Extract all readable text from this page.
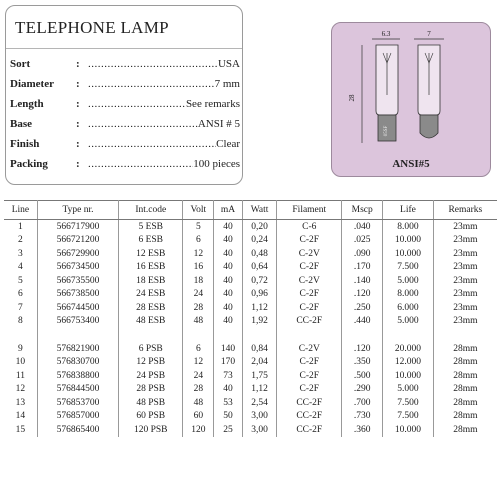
TELEPHONE LAMP
Sort	: .....	USA
Diameter : .....	7 mm
Length	: .....	See remarks
Base	: .....	ANSI # 5
Finish	: .....	Clear
Packing	: .....	100 pieces
6.3	7
28
05SF
ANSI#5
Line	Type nr.	Int.code	Volt	mA	Watt	Filament	Mscp	Life	Remarks
1	566717900	5 ESB	5	40	0,20	C-6	.040	8.000	23mm
2	566721200	6 ESB	6	40	0,24	C-2F	.025	10.000	23mm
3	566729900	12 ESB	12	40	0,48	C-2V	.090	10.000	23mm
4	566734500	16 ESB	16	40	0,64	C-2F	.170	7.500	23mm
5	566735500	18 ESB	18	40	0,72	C-2V	.140	5.000	23mm
6	566738500	24 ESB	24	40	0,96	C-2F	.120	8.000	23mm
7	566744500	28 ESB	28	40	1,12	C-2F	.250	6.000	23mm
8	566753400	48 ESB	48	40	1,92	CC-2F	.440	5.000	23mm

9	576821900	6 PSB	6	140	0,84	C-2V	.120	20.000	28mm
10	576830700	12 PSB	12	170	2,04	C-2F	.350	12.000	28mm
11	576838800	24 PSB	24	73	1,75	C-2F	.500	10.000	28mm
12	576844500	28 PSB	28	40	1,12	C-2F	.290	5.000	28mm
13	576853700	48 PSB	48	53	2,54	CC-2F	.700	7.500	28mm
14	576857000	60 PSB	60	50	3,00	CC-2F	.730	7.500	28mm
15	576865400	120 PSB	120	25	3,00	CC-2F	.360	10.000	28mm
